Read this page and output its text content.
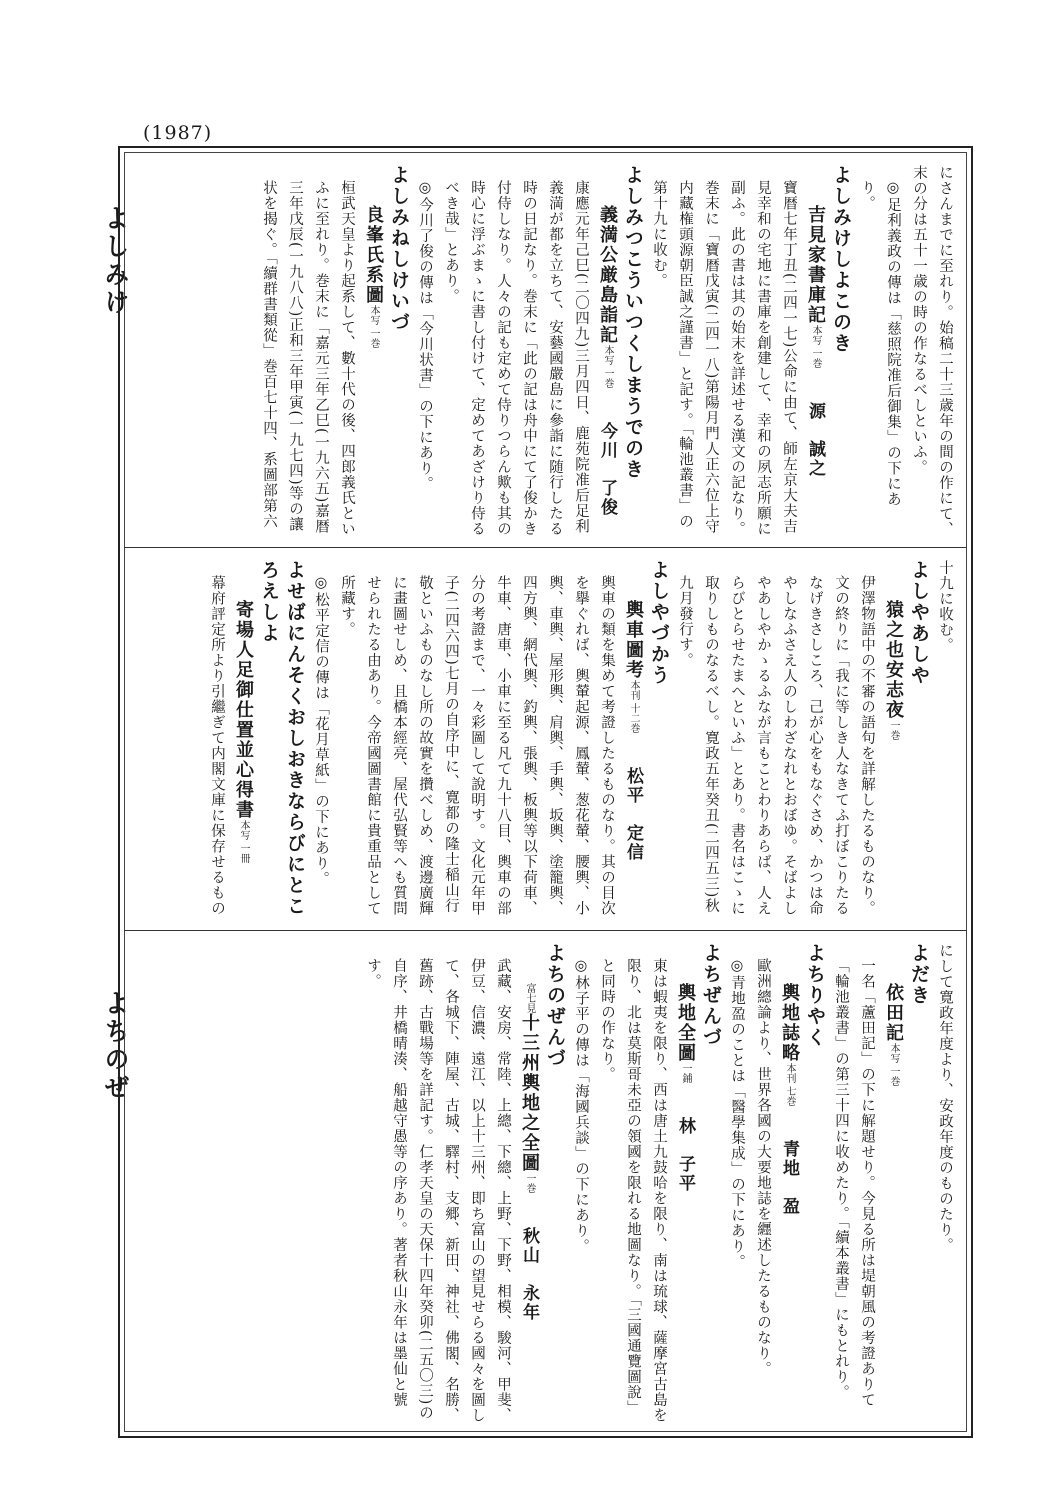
(1987)
よしみけ
よちのぜ

にさんまでに至れり。始稿二十三歳年の間の作にて、末の分は五十一歳の時の作なるべしといふ。

◎足利義政の傳は「慈照院准后御集」の下にあり。

よしみけしよこのき

吉見家書庫記本写 一巻源　誠之

寶暦七年丁丑(二四一七)公命に由て、師左京大夫吉見幸和の宅地に書庫を創建して、幸和の夙志所願に副ふ。此の書は其の始末を詳述せる漢文の記なり。巻末に「寶暦戊寅(二四一八)第陽月門人正六位上守内藏権頭源朝臣誠之謹書」と記す。「輪池叢書」の第十九に收む。

よしみつこういつくしまうでのき

義満公厳島詣記本写 一巻今川　了俊

康應元年己巳(二〇四九)三月四日、鹿苑院准后足利義満が都を立ちて、安藝國嚴島に參詣に随行したる時の日記なり。巻末に「此の記は舟中にて了俊かき付侍しなり。人々の記も定めて侍りつらん歟も其の時心に浮ぶまゝに書し付けて、定めてあざけり侍るべき哉」とあり。

◎今川了俊の傳は「今川状書」の下にあり。

よしみねしけいづ

良峯氏系圖本写 一巻

桓武天皇より起系して、數十代の後、四郎義氏といふに至れり。巻末に「嘉元三年乙巳(一九六五)嘉暦三年戊辰(一九八八)正和三年甲寅(一九七四)等の讓状を揭ぐ。「續群書類從」巻百七十四、系圖部第六

十九に收む。

よしやあしや

猿之也安志夜一巻

伊澤物語中の不審の語句を詳解したるものなり。文の終りに「我に等しき人なきてふ打ぼこりたるなげきさしころ、己が心をもなぐさめ、かつは命やしなふさえ人のしわざなれとおぼゆ。そばよしやあしやかゝるふなが言もことわりあらば、人えらびとらせたまへといふ」とあり。書名はこゝに取りしものなるべし。寛政五年癸丑(二四五三)秋九月發行す。

よしやづかう

輿車圖考本刊 十二巻松平　定信

輿車の類を集めて考證したるものなり。其の目次を擧ぐれば、輿輦起源、鳳輦、葱花輦、腰輿、小輿、車輿、屋形輿、肩輿、手輿、坂輿、塗籠輿、四方輿、網代輿、釣輿、張輿、板輿等以下荷車、牛車、唐車、小車に至る凡て九十八目、輿車の部分の考證まで、一々彩圖して說明す。文化元年甲子(二四六四)七月の自序中に、寛都の隆士稲山行敬といふものなし所の故實を攢べしめ、渡邊廣輝に畫圖せしめ、且橋本經亮、屋代弘賢等へも質問せられたる由あり。今帝國圖書館に貴重品として所藏す。

◎松平定信の傳は「花月草紙」の下にあり。

よせばにんそくおしおきならびにところえしよ

寄場人足御仕置並心得書本写 一冊

幕府評定所より引繼ぎて内閣文庫に保存せるもの

にして寛政年度より、安政年度のものたり。

よだき

依田記本写 一巻

一名「蘆田記」の下に解題せり。今見る所は堤朝風の考證ありて「輪池叢書」の第三十四に收めたり。「續本叢書」にもとれり。

よちりやく

輿地誌略本刊 七巻青地　盈

歐洲總論より、世界各國の大要地誌を纒述したるものなり。

◎青地盈のことは「醫學集成」の下にあり。

よちぜんづ

輿地全圖一鋪林　子平

東は蝦夷を限り、西は唐土九鼓哈を限り、南は琉球、薩摩宮古島を限り、北は莫斯哥未亞の領國を限れる地圖なり。「三國通覽圖說」と同時の作なり。

◎林子平の傳は「海國兵談」の下にあり。

よちのぜんづ

富七見十三州輿地之全圖一巻秋山　永年

武藏、安房、常陸、上總、下總、上野、下野、相模、駿河、甲斐、伊豆、信濃、遠江、以上十三州、即ち富山の望見せらる國々を圖して、各城下、陣屋、古城、驛村、支郷、新田、神社、佛閣、名勝、舊跡、古戰場等を詳記す。仁孝天皇の天保十四年癸卯(二五〇三)の自序、井橋晴湊、船越守愚等の序あり。著者秋山永年は墨仙と號す。
